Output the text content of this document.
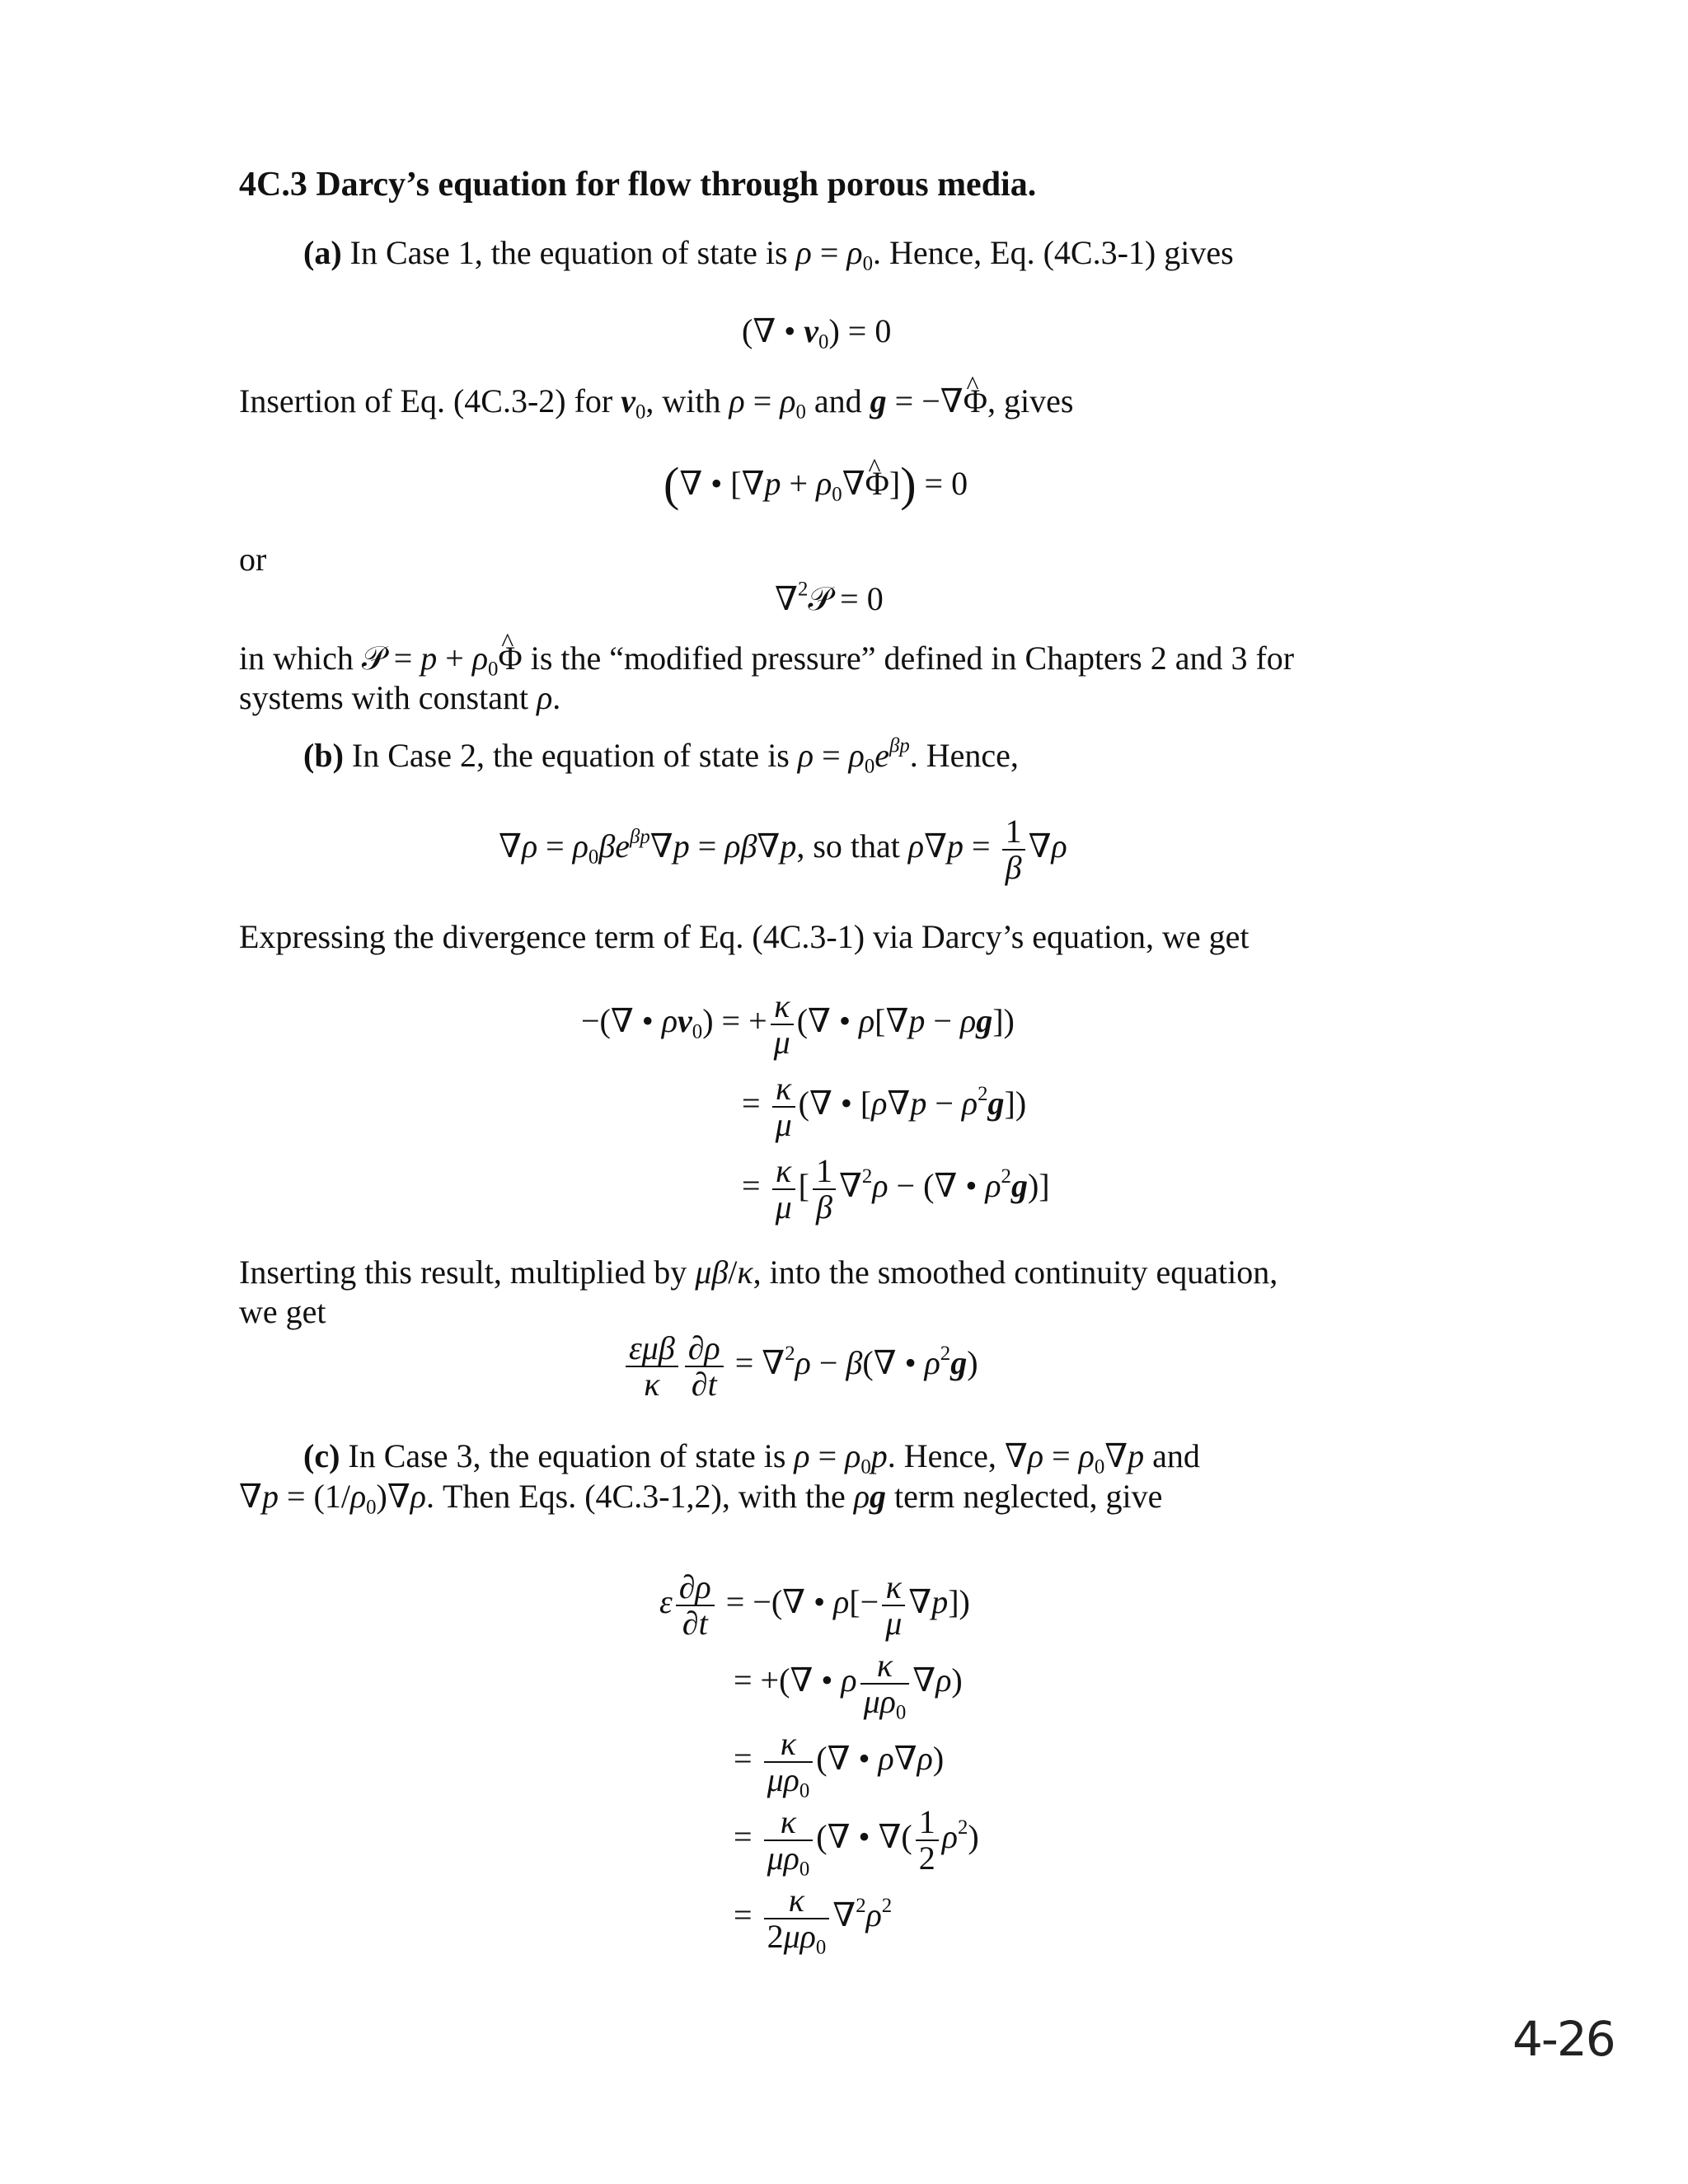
4C.3 Darcy’s equation for flow through porous media.
(a) In Case 1, the equation of state is $\rho = \rho_0$. Hence, Eq. (4C.3-1) gives
(∇ • $v_0) = 0$
Insertion of Eq. (4C.3-2) for $v_0$, with $\rho = \rho_0$ and g = −∇^ Φ, gives
(∇ • [$\nabla p + \rho_0\nabla\^{}$ Φ]) = 0
or
∇$^2$𝒫 = 0
in which 𝒫 = $p + \rho_0\^{}$ Φ is the “modified pressure” defined in Chapters 2 and 3 for
systems with constant ρ.
(b) In Case 2, the equation of state is $\rho = \rho_0e^{\beta p}$. Hence,
$\nabla\rho = \rho_0\beta e^{\beta p}\nabla p = \rho\beta\nabla p$, so that $\rho\nabla p = \frac{1}{\beta} \nabla\rho$
Expressing the divergence term of Eq. (4C.3-1) via Darcy’s equation, we get
−(∇ • $\rho v_0$) = + $\frac{\kappa}{\mu}$ (∇ • ρ[∇p − ρg])
= $\frac{\kappa}{\mu}$ (∇ • $[\rho\nabla p - \rho^2g]$)
= $\frac{\kappa}{\mu}$ [ $\frac{1}{\beta} \nabla^2\rho$ − (∇ • $\rho^2g$)]
Inserting this result, multiplied by μβ/κ, into the smoothed continuity equation,
we get
$\frac{\text{εμβ}}{\kappa} \frac{\partial\rho}{\partial t} = \nabla^2\rho - \beta(\nabla$ • $\rho^2g$)
(c) In Case 3, the equation of state is $\rho = \rho_0p$. Hence, $\nabla\rho = \rho_0\nabla p$ and
$\nabla p = (1/\rho_0)\nabla\rho$. Then Eqs. (4C.3-1,2), with the ρg term neglected, give
ε $\frac{\partial\rho}{\partial t}$ = −(∇ • $\rho[- \frac{\kappa}{\mu} \nabla p]$)
= +(∇ • ρ $\frac{\kappa}{\mu\rho_0} \nabla\rho$)
= $\frac{\kappa}{\mu\rho_0}$ (∇ • ρ∇ρ)
= $\frac{\kappa}{\mu\rho_0}$ (∇ • ∇( $\frac{1}{2} \rho^2$)
= $\frac{\kappa}{2\mu\rho_0} \nabla^2\rho^2$
4-26
